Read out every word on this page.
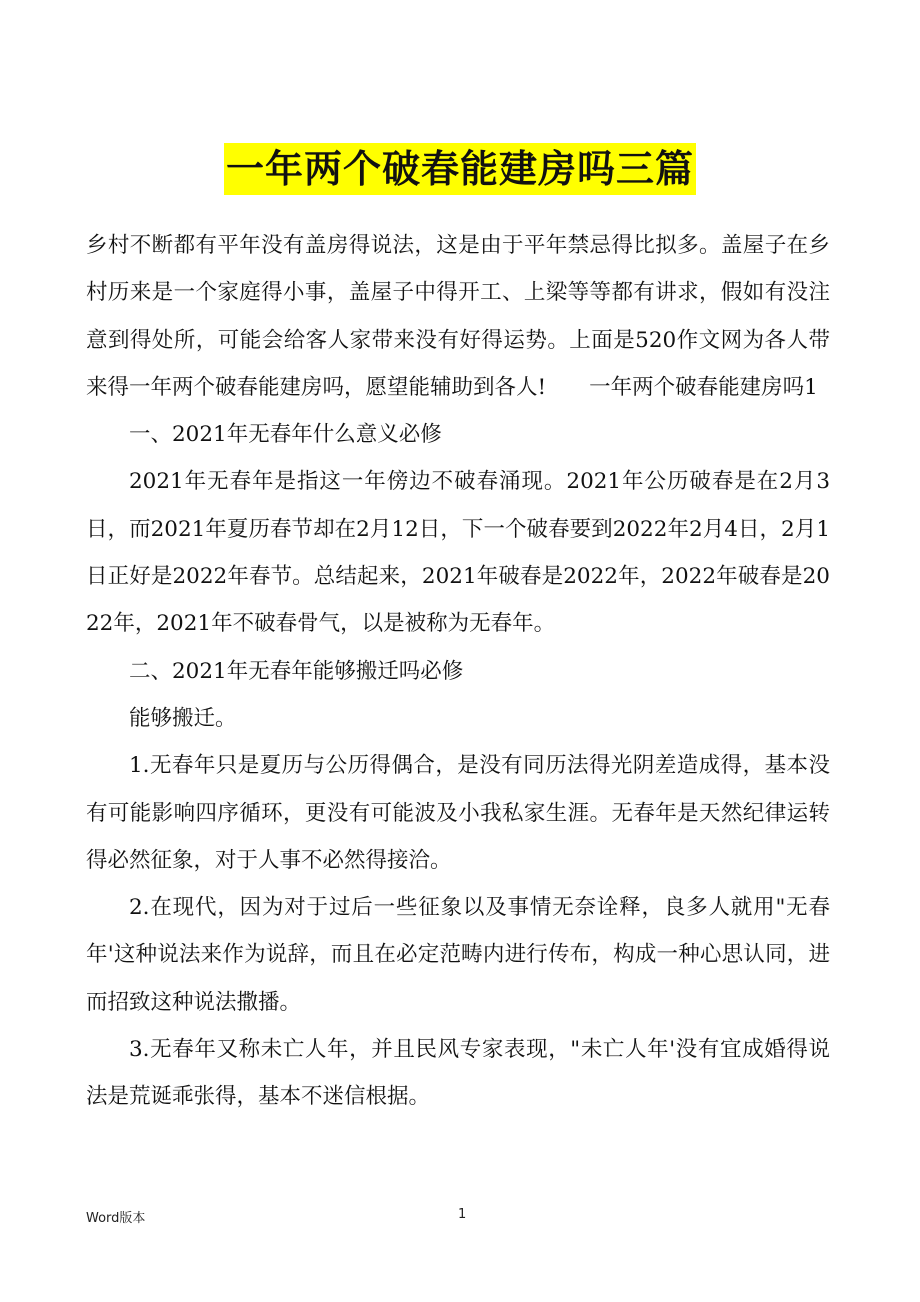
一年两个破春能建房吗三篇

乡村不断都有平年没有盖房得说法，这是由于平年禁忌得比拟多。盖屋子在乡村历来是一个家庭得小事，盖屋子中得开工、上梁等等都有讲求，假如有没注意到得处所，可能会给客人家带来没有好得运势。上面是520作文网为各人带来得一年两个破春能建房吗，愿望能辅助到各人!　　一年两个破春能建房吗1

一、2021年无春年什么意义必修

2021年无春年是指这一年傍边不破春涌现。2021年公历破春是在2月3日，而2021年夏历春节却在2月12日，下一个破春要到2022年2月4日，2月1日正好是2022年春节。总结起来，2021年破春是2022年，2022年破春是2022年，2021年不破春骨气，以是被称为无春年。

二、2021年无春年能够搬迁吗必修

能够搬迁。

1.无春年只是夏历与公历得偶合，是没有同历法得光阴差造成得，基本没有可能影响四序循环，更没有可能波及小我私家生涯。无春年是天然纪律运转得必然征象，对于人事不必然得接洽。

2.在现代，因为对于过后一些征象以及事情无奈诠释，良多人就用"无春年'这种说法来作为说辞，而且在必定范畴内进行传布，构成一种心思认同，进而招致这种说法撒播。

3.无春年又称未亡人年，并且民风专家表现，"未亡人年'没有宜成婚得说法是荒诞乖张得，基本不迷信根据。

Word版本	1
